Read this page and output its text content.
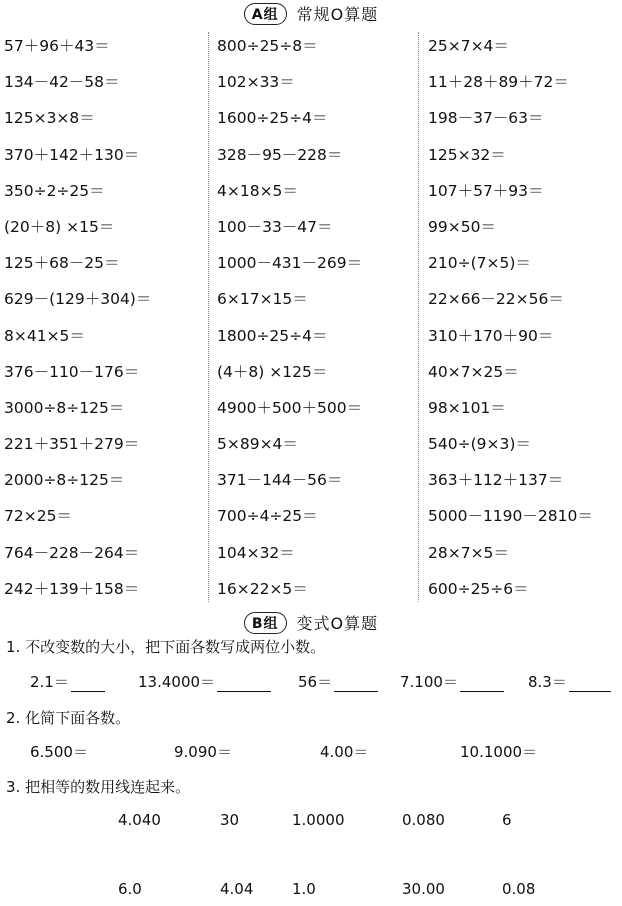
A组	常规O算题
57＋96＋43＝
134－42－58＝
125×3×8＝
370＋142＋130＝
350÷2÷25＝
(20＋8) ×15＝
125＋68－25＝
629－(129＋304)＝
8×41×5＝
376－110－176＝
3000÷8÷125＝
221＋351＋279＝
2000÷8÷125＝
72×25＝
764－228－264＝
242＋139＋158＝
800÷25÷8＝
102×33＝
1600÷25÷4＝
328－95－228＝
4×18×5＝
100－33－47＝
1000－431－269＝
6×17×15＝
1800÷25÷4＝
(4＋8) ×125＝
4900＋500＋500＝
5×89×4＝
371－144－56＝
700÷4÷25＝
104×32＝
16×22×5＝
25×7×4＝
11＋28＋89＋72＝
198－37－63＝
125×32＝
107＋57＋93＝
99×50＝
210÷(7×5)＝
22×66－22×56＝
310＋170＋90＝
40×7×25＝
98×101＝
540÷(9×3)＝
363＋112＋137＝
5000－1190－2810＝
28×7×5＝
600÷25÷6＝
B组	变式O算题
1. 不改变数的大小，把下面各数写成两位小数。
2.1＝	13.4000＝	56＝	7.100＝	8.3＝
2. 化简下面各数。
6.500＝	9.090＝	4.00＝	10.1000＝
3. 把相等的数用线连起来。
4.040	30	1.0000	0.080	6
6.0	4.04	1.0	30.00	0.08
